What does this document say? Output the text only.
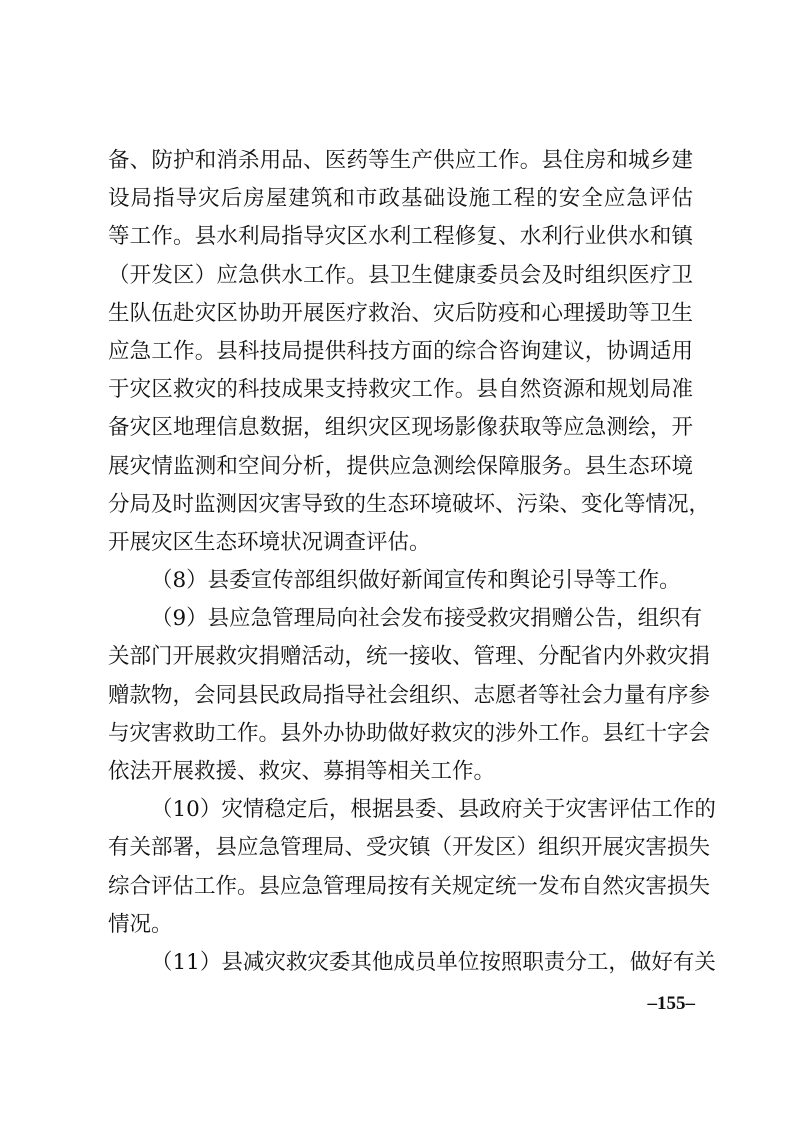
备、防护和消杀用品、医药等生产供应工作。县住房和城乡建
设局指导灾后房屋建筑和市政基础设施工程的安全应急评估
等工作。县水利局指导灾区水利工程修复、水利行业供水和镇
（开发区）应急供水工作。县卫生健康委员会及时组织医疗卫
生队伍赴灾区协助开展医疗救治、灾后防疫和心理援助等卫生
应急工作。县科技局提供科技方面的综合咨询建议，协调适用
于灾区救灾的科技成果支持救灾工作。县自然资源和规划局准
备灾区地理信息数据，组织灾区现场影像获取等应急测绘，开
展灾情监测和空间分析，提供应急测绘保障服务。县生态环境
分局及时监测因灾害导致的生态环境破坏、污染、变化等情况，
开展灾区生态环境状况调查评估。
（8）县委宣传部组织做好新闻宣传和舆论引导等工作。
（9）县应急管理局向社会发布接受救灾捐赠公告，组织有
关部门开展救灾捐赠活动，统一接收、管理、分配省内外救灾捐
赠款物，会同县民政局指导社会组织、志愿者等社会力量有序参
与灾害救助工作。县外办协助做好救灾的涉外工作。县红十字会
依法开展救援、救灾、募捐等相关工作。
（10）灾情稳定后，根据县委、县政府关于灾害评估工作的
有关部署，县应急管理局、受灾镇（开发区）组织开展灾害损失
综合评估工作。县应急管理局按有关规定统一发布自然灾害损失
情况。
（11）县减灾救灾委其他成员单位按照职责分工，做好有关
–155–
